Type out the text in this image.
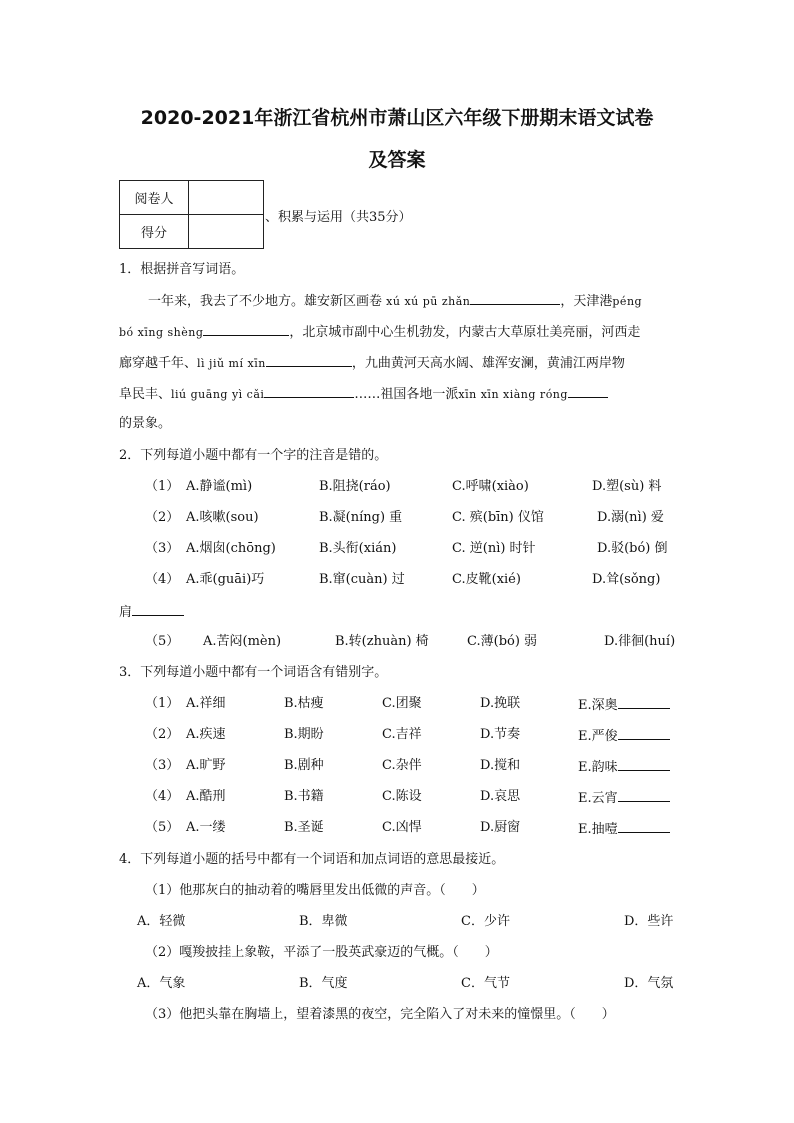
2020-2021年浙江省杭州市萧山区六年级下册期末语文试卷
及答案
阅卷人	
得分	
、积累与运用（共35分）
1．根据拼音写词语。
一年来，我去了不少地方。雄安新区画卷 xú xú pū zhǎn	，天津港péng
bó xīng shèng	，北京城市副中心生机勃发，内蒙古大草原壮美亮丽，河西走
廊穿越千年、lì jiǔ mí xīn	，九曲黄河天高水阔、雄浑安澜，黄浦江两岸物
阜民丰、liú guāng yì cǎi	……祖国各地一派xīn xīn xiàng róng
的景象。
2．下列每道小题中都有一个字的注音是错的。
（1） A.静谧(mì)	B.阻挠(ráo)	C.呼啸(xiào)	D.塑(sù) 料
（2） A.咳嗽(sou)	B.凝(níng) 重	C. 殡(bīn) 仪馆	D.溺(nì) 爱
（3） A.烟囱(chōng)	B.头衔(xián)	C. 逆(nì) 时针	D.驳(bó) 倒
（4） A.乖(guāi)巧	B.窜(cuàn) 过	C.皮靴(xié)	D.耸(sǒng)
肩
（5） A.苦闷(mèn)	B.转(zhuàn) 椅	C.薄(bó) 弱	D.徘徊(huí)
3．下列每道小题中都有一个词语含有错别字。
（1） A.祥细	B.枯瘦	C.团聚	D.挽联	E.深奥
（2） A.疾速	B.期盼	C.吉祥	D.节奏	E.严俊
（3） A.旷野	B.剧种	C.杂伴	D.搅和	E.韵味
（4） A.酷刑	B.书籍	C.陈设	D.哀思	E.云宵
（5） A.一缕	B.圣诞	C.凶悍	D.厨窗	E.抽噎
4．下列每道小题的括号中都有一个词语和加点词语的意思最接近。
（1）他那灰白的抽动着的嘴唇里发出低微的声音。（　　）
A．轻微	B．卑微	C．少许	D．些许
（2）嘎羧披挂上象鞍，平添了一股英武豪迈的气概。（　　）
A．气象	B．气度	C．气节	D．气氛
（3）他把头靠在胸墙上，望着漆黑的夜空，完全陷入了对未来的憧憬里。（　　）
